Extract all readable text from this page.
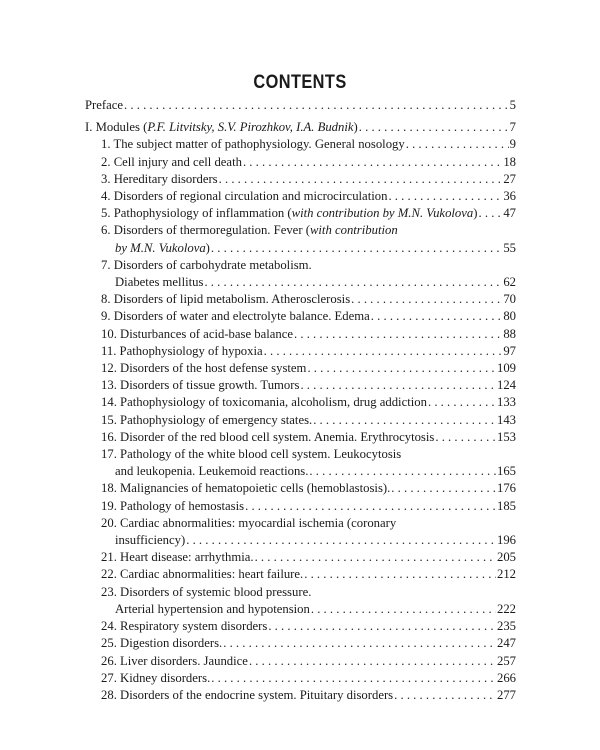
CONTENTS
Preface . . .	5
I. Modules (P.F. Litvitsky, S.V. Pirozhkov, I.A. Budnik) . . .	7
1. The subject matter of pathophysiology. General nosology . . .	9
2. Cell injury and cell death . . .	18
3. Hereditary disorders . . .	27
4. Disorders of regional circulation and microcirculation . . .	36
5. Pathophysiology of inflammation (with contribution by M.N. Vukolova) . . . 47
6. Disorders of thermoregulation. Fever (with contribution
by M.N. Vukolova) . . .	55
7. Disorders of carbohydrate metabolism.
Diabetes mellitus . . .	62
8. Disorders of lipid metabolism. Atherosclerosis . . .	70
9. Disorders of water and electrolyte balance. Edema . . .	80
10. Disturbances of acid-base balance . . .	88
11. Pathophysiology of hypoxia . . .	97
12. Disorders of the host defense system . . .	109
13. Disorders of tissue growth. Tumors . . .	124
14. Pathophysiology of toxicomania, alcoholism, drug addiction . . .	133
15. Pathophysiology of emergency states. . . .	143
16. Disorder of the red blood cell system. Anemia. Erythrocytosis . . .	153
17. Pathology of the white blood cell system. Leukocytosis
and leukopenia. Leukemoid reactions. . . .	165
18. Malignancies of hematopoietic cells (hemoblastosis). . . .	176
19. Pathology of hemostasis . . .	185
20. Cardiac abnormalities: myocardial ischemia (coronary
insufficiency) . . .	196
21. Heart disease: arrhythmia. . . .	205
22. Cardiac abnormalities: heart failure. . . .	212
23. Disorders of systemic blood pressure.
Arterial hypertension and hypotension . . .	222
24. Respiratory system disorders . . .	235
25. Digestion disorders. . . .	247
26. Liver disorders. Jaundice . . .	257
27. Kidney disorders. . . .	266
28. Disorders of the endocrine system. Pituitary disorders . . .	277
